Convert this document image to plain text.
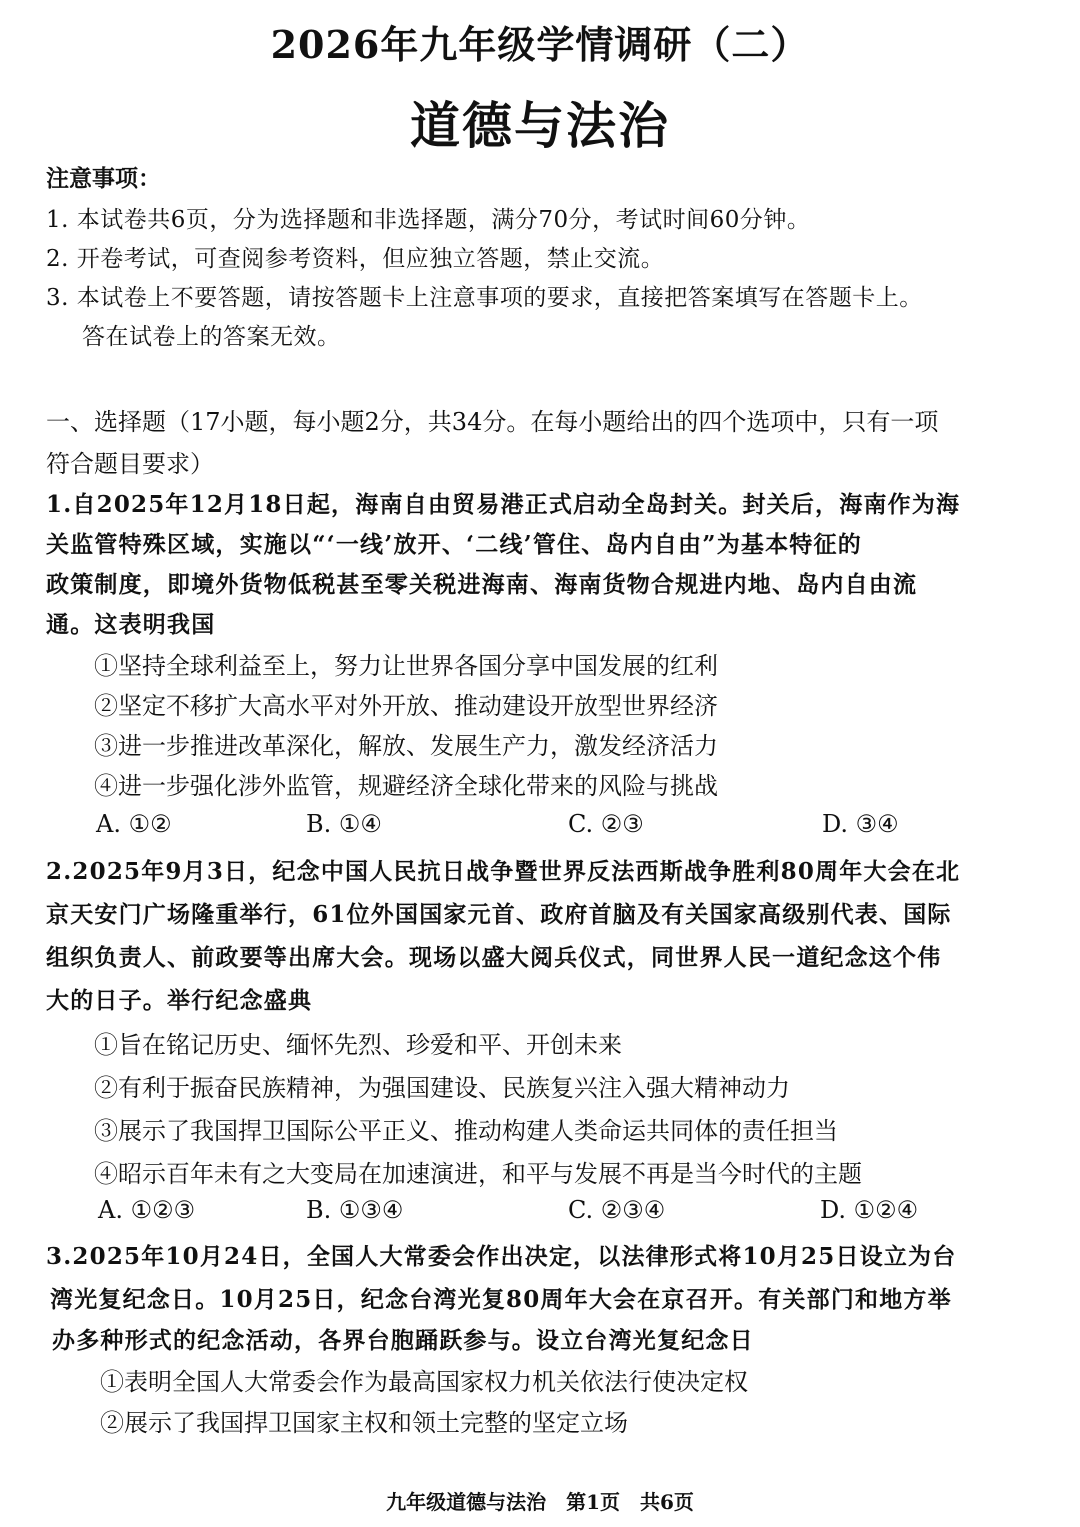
2026年九年级学情调研（二）
道德与法治
注意事项：
1. 本试卷共6页，分为选择题和非选择题，满分70分，考试时间60分钟。
2. 开卷考试，可查阅参考资料，但应独立答题，禁止交流。
3. 本试卷上不要答题，请按答题卡上注意事项的要求，直接把答案填写在答题卡上。
答在试卷上的答案无效。
一、选择题（17小题，每小题2分，共34分。在每小题给出的四个选项中，只有一项
符合题目要求）
1.自2025年12月18日起，海南自由贸易港正式启动全岛封关。封关后，海南作为海
关监管特殊区域，实施以“‘一线’放开、‘二线’管住、岛内自由”为基本特征的
政策制度，即境外货物低税甚至零关税进海南、海南货物合规进内地、岛内自由流
通。这表明我国
①坚持全球利益至上，努力让世界各国分享中国发展的红利
②坚定不移扩大高水平对外开放、推动建设开放型世界经济
③进一步推进改革深化，解放、发展生产力，激发经济活力
④进一步强化涉外监管，规避经济全球化带来的风险与挑战
A. ①②	B. ①④	C. ②③	D. ③④
2.2025年9月3日，纪念中国人民抗日战争暨世界反法西斯战争胜利80周年大会在北
京天安门广场隆重举行，61位外国国家元首、政府首脑及有关国家高级别代表、国际
组织负责人、前政要等出席大会。现场以盛大阅兵仪式，同世界人民一道纪念这个伟
大的日子。举行纪念盛典
①旨在铭记历史、缅怀先烈、珍爱和平、开创未来
②有利于振奋民族精神，为强国建设、民族复兴注入强大精神动力
③展示了我国捍卫国际公平正义、推动构建人类命运共同体的责任担当
④昭示百年未有之大变局在加速演进，和平与发展不再是当今时代的主题
A. ①②③	B. ①③④	C. ②③④	D. ①②④
3.2025年10月24日，全国人大常委会作出决定，以法律形式将10月25日设立为台
湾光复纪念日。10月25日，纪念台湾光复80周年大会在京召开。有关部门和地方举
办多种形式的纪念活动，各界台胞踊跃参与。设立台湾光复纪念日
①表明全国人大常委会作为最高国家权力机关依法行使决定权
②展示了我国捍卫国家主权和领土完整的坚定立场
九年级道德与法治　第1页　共6页
